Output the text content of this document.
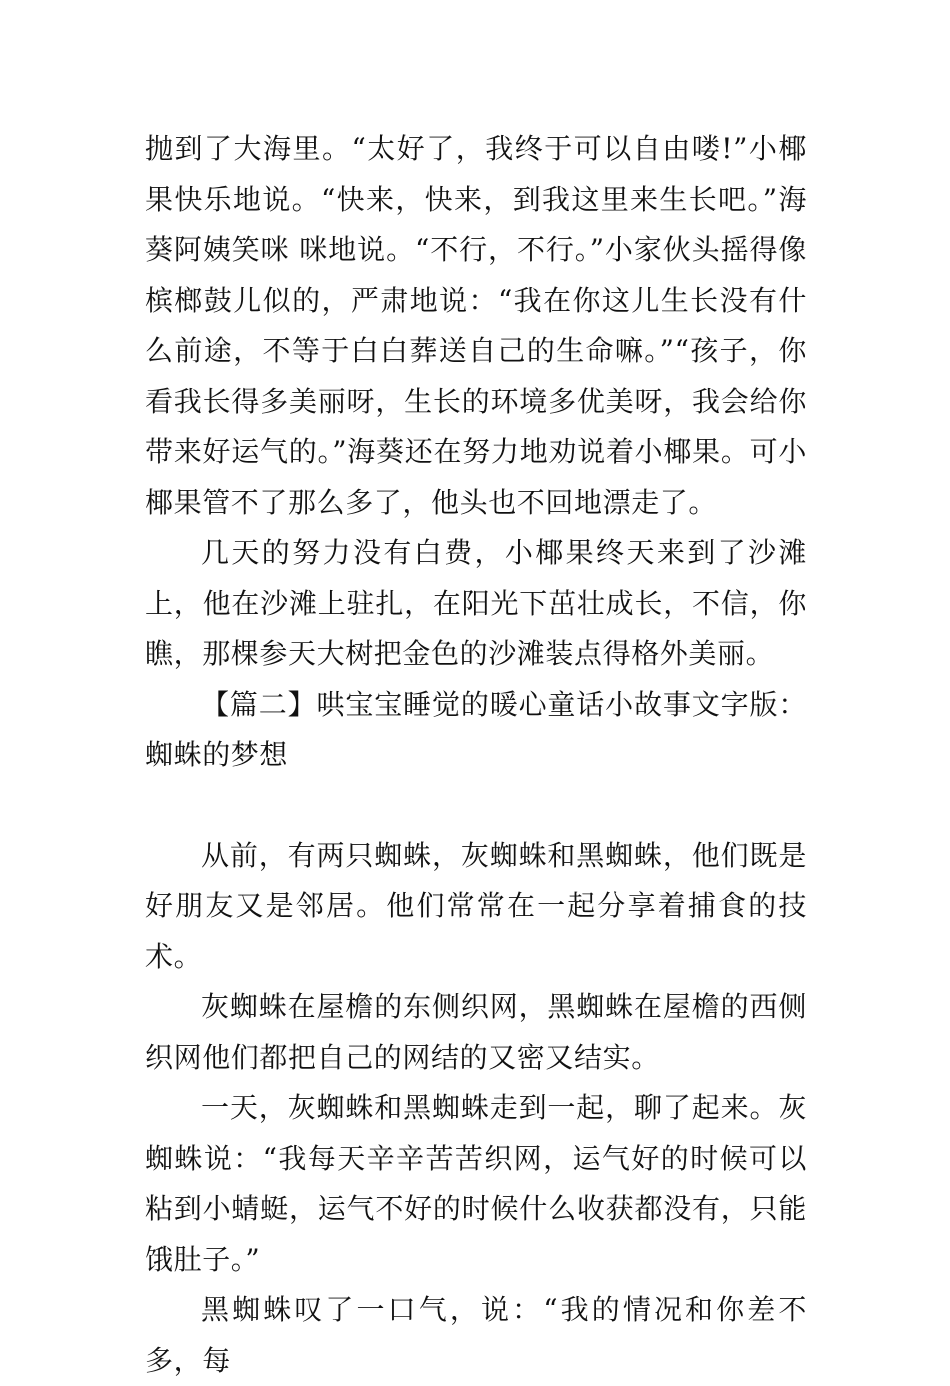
抛到了大海里。“太好了，我终于可以自由喽!”小椰果快乐地说。“快来，快来，到我这里来生长吧。”海葵阿姨笑咪 咪地说。“不行，不行。”小家伙头摇得像槟榔鼓儿似的，严肃地说：“我在你这儿生长没有什么前途，不等于白白葬送自己的生命嘛。”“孩子，你看我长得多美丽呀，生长的环境多优美呀，我会给你带来好运气的。”海葵还在努力地劝说着小椰果。可小椰果管不了那么多了，他头也不回地漂走了。

几天的努力没有白费，小椰果终天来到了沙滩上，他在沙滩上驻扎，在阳光下茁壮成长，不信，你瞧，那棵参天大树把金色的沙滩装点得格外美丽。

【篇二】哄宝宝睡觉的暖心童话小故事文字版：蜘蛛的梦想

从前，有两只蜘蛛，灰蜘蛛和黑蜘蛛，他们既是好朋友又是邻居。他们常常在一起分享着捕食的技术。

灰蜘蛛在屋檐的东侧织网，黑蜘蛛在屋檐的西侧织网他们都把自己的网结的又密又结实。

一天，灰蜘蛛和黑蜘蛛走到一起，聊了起来。灰蜘蛛说：“我每天辛辛苦苦织网，运气好的时候可以粘到小蜻蜓，运气不好的时候什么收获都没有，只能饿肚子。”

黑蜘蛛叹了一口气，说：“我的情况和你差不多，每
